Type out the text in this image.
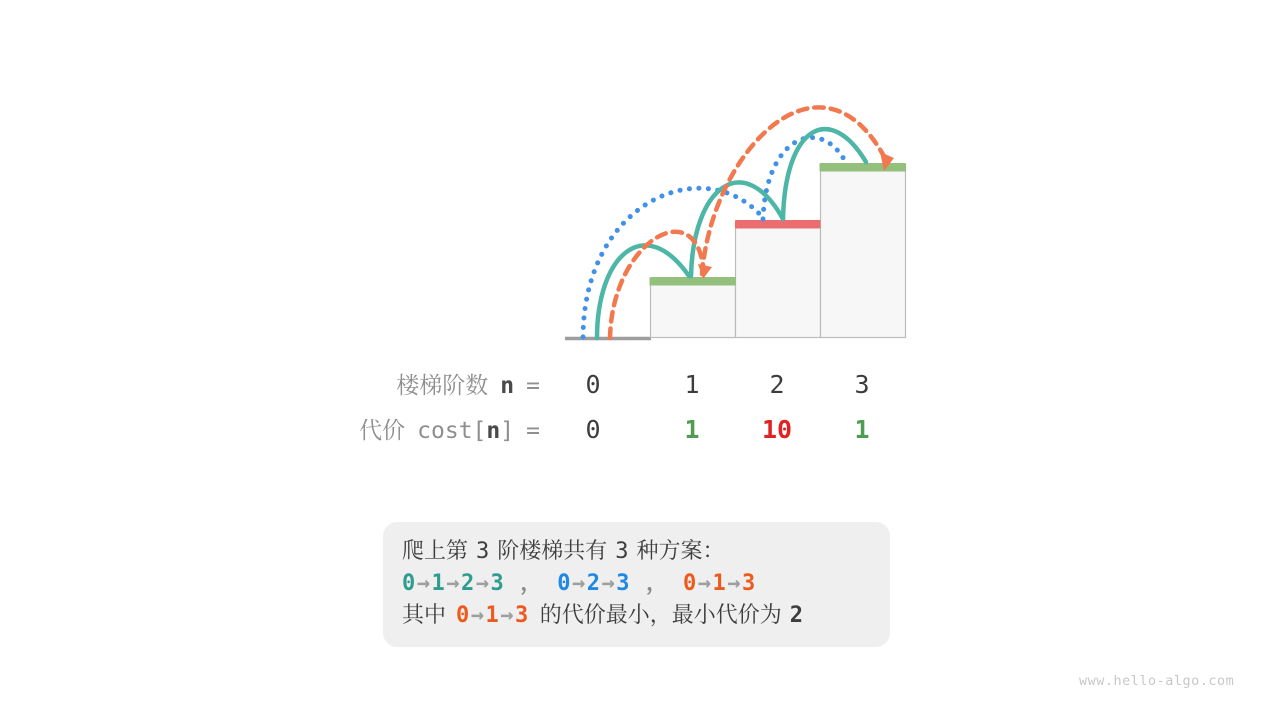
楼梯阶数 n = 0	1	2	3
代价 cost[n] = 0	1 10 1
爬上第 3 阶楼梯共有 3 种方案：
0→1→2→3 ， 0→2→3 ， 0→1→3
其中 0→1→3 的代价最小，最小代价为 2
www.hello-algo.com
